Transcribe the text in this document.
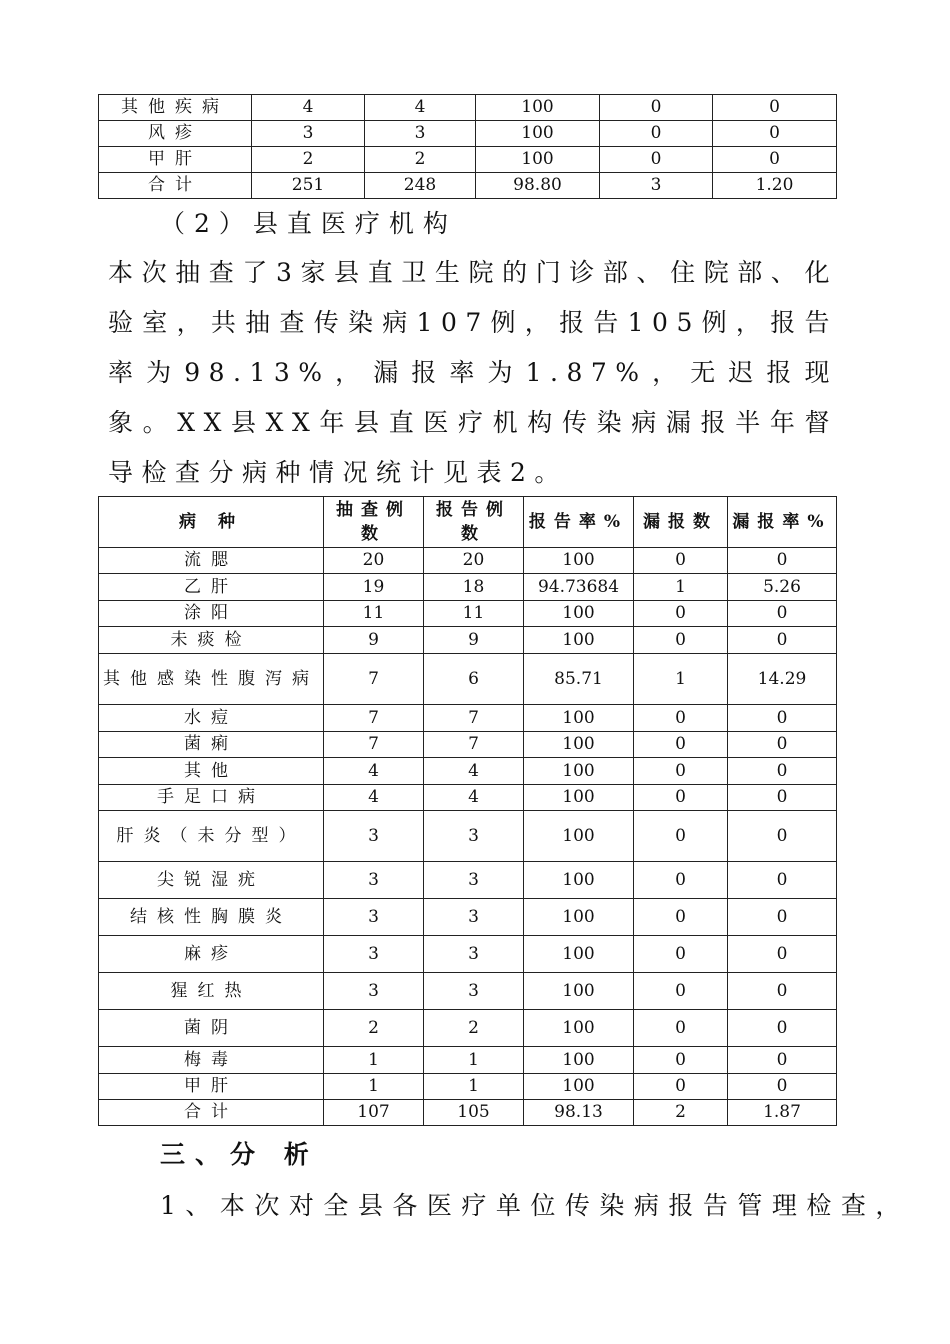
其他疾病	4	4	100	0	0
风疹	3	3	100	0	0
甲肝	2	2	100	0	0
合计	251	248	98.80	3	1.20
（2）县直医疗机构

本次抽查了3家县直卫生院的门诊部、住院部、化验室，共抽查传染病107例，报告105例，报告率为98.13%，漏报率为1.87%，无迟报现象。XX县XX年县直医疗机构传染病漏报半年督导检查分病种情况统计见表2。

病 种	抽查例数	报告例数	报告率%	漏报数	漏报率%
流腮	20	20	100	0	0
乙肝	19	18	94.73684	1	5.26
涂阳	11	11	100	0	0
未痰检	9	9	100	0	0
其他感染性腹泻病	7	6	85.71	1	14.29
水痘	7	7	100	0	0
菌痢	7	7	100	0	0
其他	4	4	100	0	0
手足口病	4	4	100	0	0
肝炎（未分型）	3	3	100	0	0
尖锐湿疣	3	3	100	0	0
结核性胸膜炎	3	3	100	0	0
麻疹	3	3	100	0	0
猩红热	3	3	100	0	0
菌阴	2	2	100	0	0
梅毒	1	1	100	0	0
甲肝	1	1	100	0	0
合计	107	105	98.13	2	1.87
三、分 析
1、本次对全县各医疗单位传染病报告管理检查，
